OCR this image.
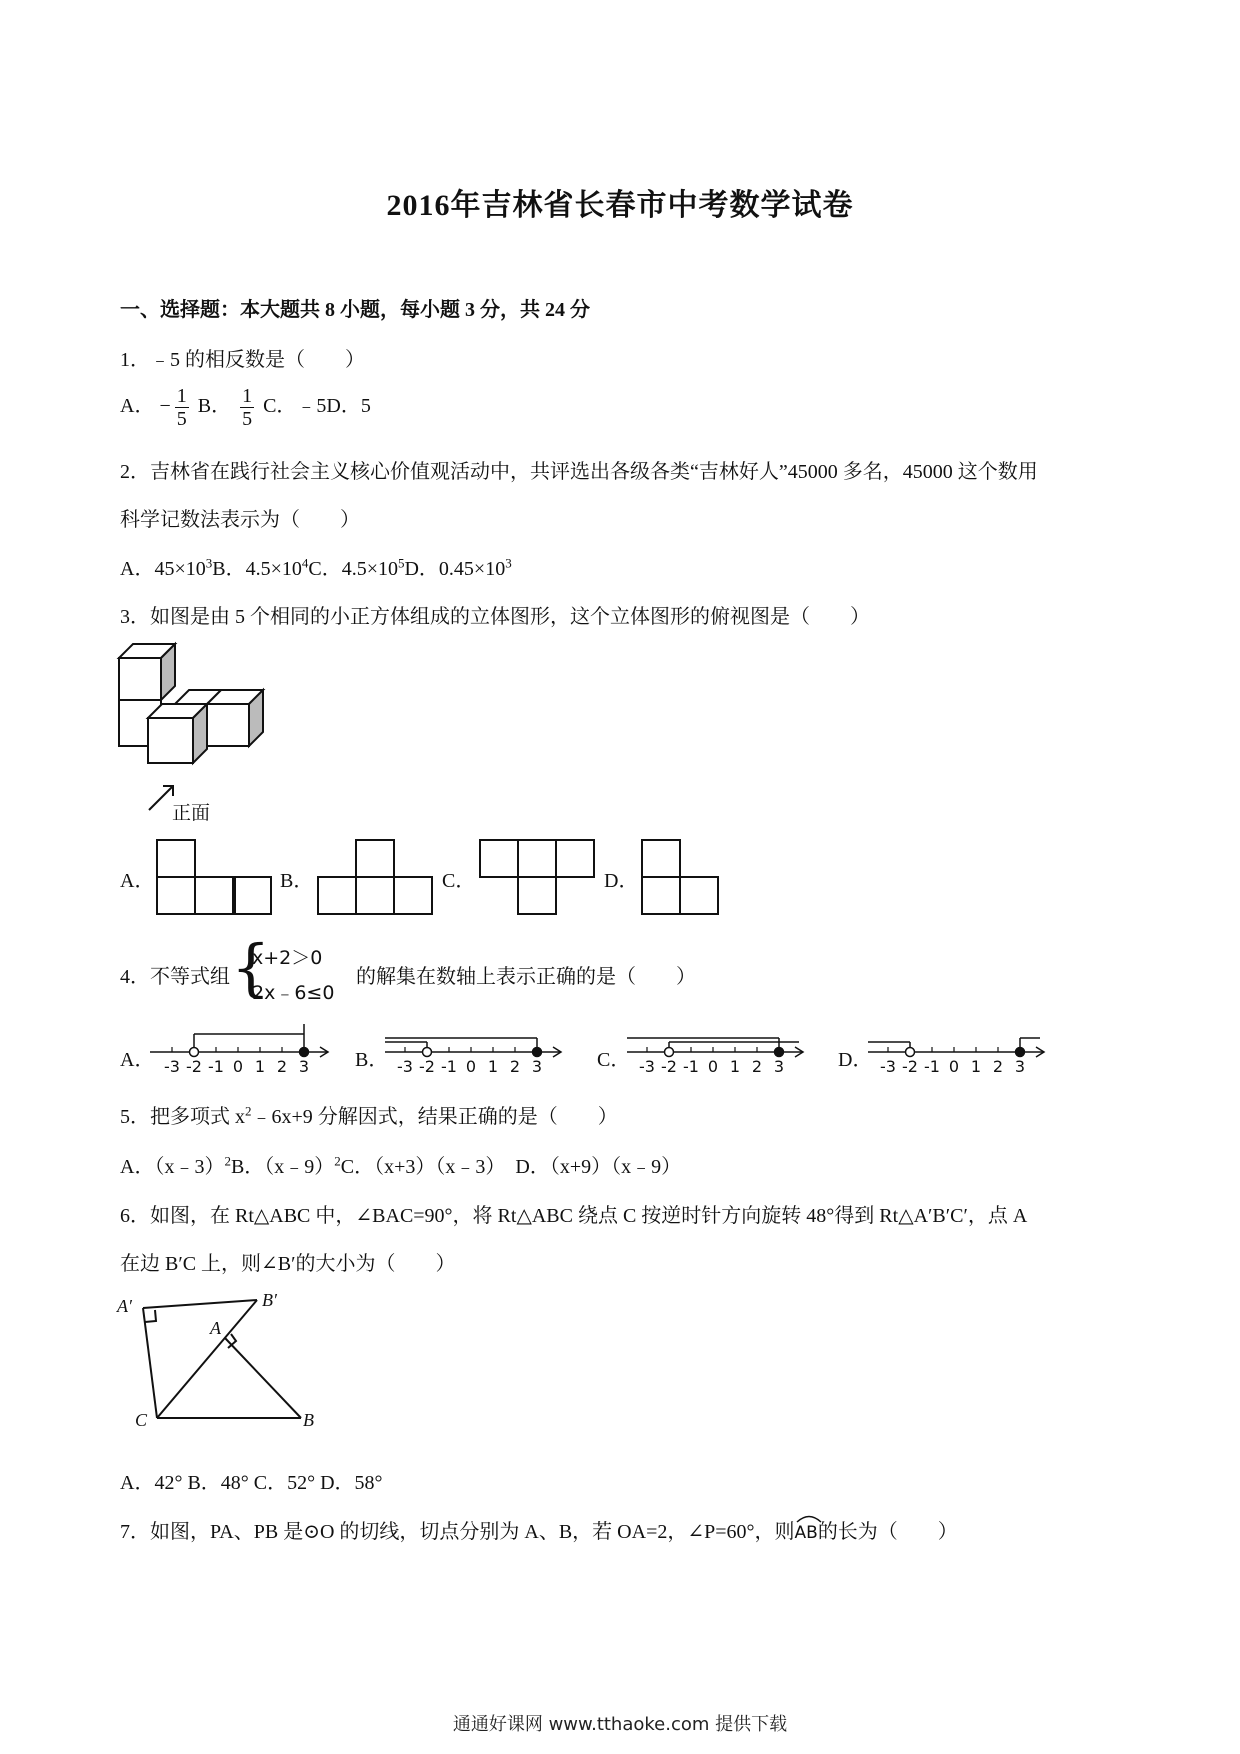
2016年吉林省长春市中考数学试卷
一、选择题：本大题共 8 小题，每小题 3 分，共 24 分
1．﹣5 的相反数是（　　）
A． − $\frac{1}{5}$ B． $\frac{1}{5}$ C．﹣5D．5
2．吉林省在践行社会主义核心价值观活动中，共评选出各级各类“吉林好人”45000 多名，45000 这个数用
科学记数法表示为（　　）
A．$45\times 10^3B$．$4.5\times 10^4C$．$4.5\times 10^5D$．$0.45\times 10^3$
3．如图是由 5 个相同的小正方体组成的立体图形，这个立体图形的俯视图是（　　）
正面
A．	B．	C．	D．
4．不等式组 {
x+2＞0
2x﹣6≤0
的解集在数轴上表示正确的是（　　）
A．	B．	C．	D．
-3 -2 -1 0 1 2 3	-3 -2 -1 0 1 2 3	-3 -2 -1 0 1 2 3	-3 -2 -1 0 1 2 3
5．把多项式 $x^2﹣6x+9$ 分解因式，结果正确的是（　　）
A．（x﹣3）$^2$B．（x﹣9）$^2$C．（x+3）（x﹣3） D．（x+9）（x﹣9）
6．如图，在 Rt△ABC 中，∠BAC=90°，将 Rt△ABC 绕点 C 按逆时针方向旋转 48°得到 Rt△A′B′C′，点 A
在边 B′C 上，则∠B′的大小为（　　）
A′	B′
A
C	B
A．42° B．48° C．52° D．58°
7．如图，PA、PB 是⊙O 的切线，切点分别为 A、B，若 OA=2，∠P=60°，则
AB的长为（　　）
通通好课网 www.tthaoke.com 提供下载
